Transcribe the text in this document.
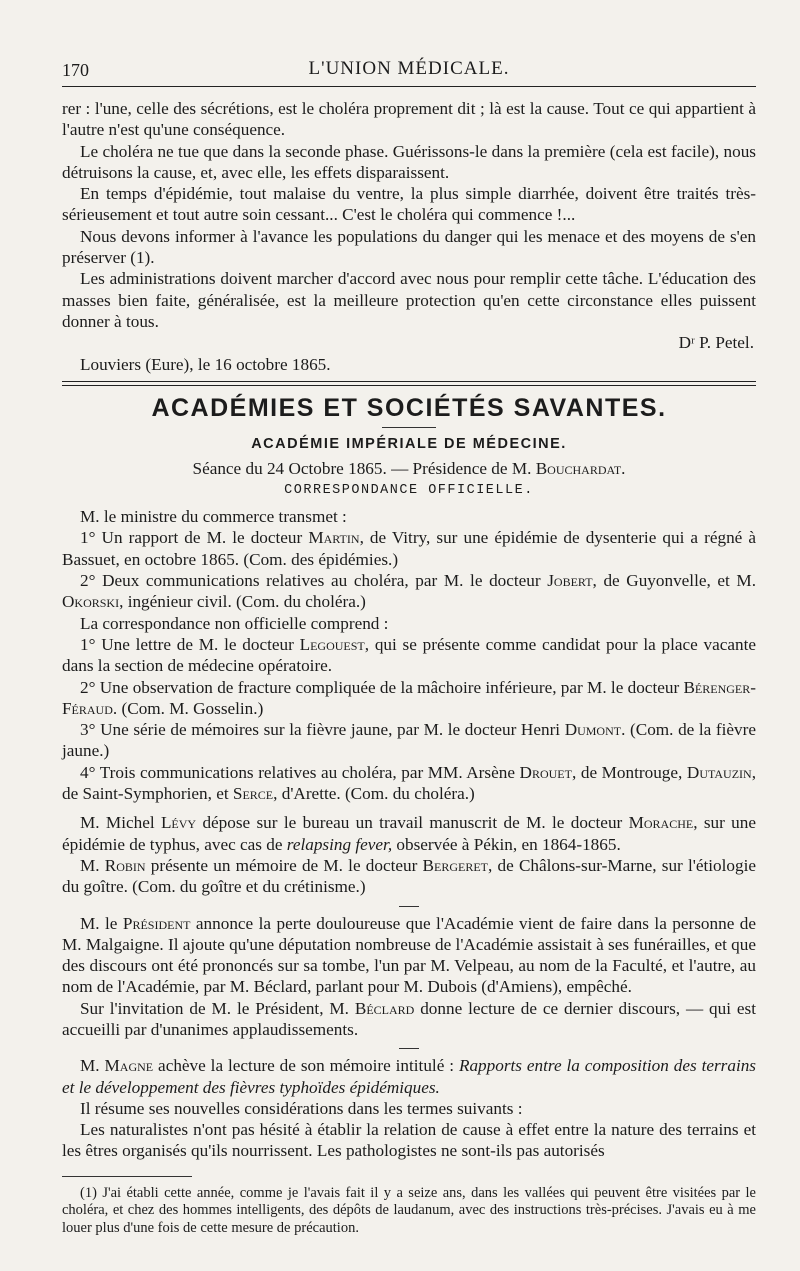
170	L'UNION MÉDICALE.

rer : l'une, celle des sécrétions, est le choléra proprement dit ; là est la cause. Tout ce qui appartient à l'autre n'est qu'une conséquence.

Le choléra ne tue que dans la seconde phase. Guérissons-le dans la première (cela est facile), nous détruisons la cause, et, avec elle, les effets disparaissent.

En temps d'épidémie, tout malaise du ventre, la plus simple diarrhée, doivent être traités très-sérieusement et tout autre soin cessant... C'est le choléra qui commence !...

Nous devons informer à l'avance les populations du danger qui les menace et des moyens de s'en préserver (1).

Les administrations doivent marcher d'accord avec nous pour remplir cette tâche. L'éducation des masses bien faite, généralisée, est la meilleure protection qu'en cette circonstance elles puissent donner à tous.

Dʳ P. Petel.

Louviers (Eure), le 16 octobre 1865.

ACADÉMIES ET SOCIÉTÉS SAVANTES.
ACADÉMIE IMPÉRIALE DE MÉDECINE.

Séance du 24 Octobre 1865. — Présidence de M. Bouchardat.

CORRESPONDANCE OFFICIELLE.

M. le ministre du commerce transmet :

1° Un rapport de M. le docteur Martin, de Vitry, sur une épidémie de dysenterie qui a régné à Bassuet, en octobre 1865. (Com. des épidémies.)

2° Deux communications relatives au choléra, par M. le docteur Jobert, de Guyonvelle, et M. Okorski, ingénieur civil. (Com. du choléra.)

La correspondance non officielle comprend :

1° Une lettre de M. le docteur Legouest, qui se présente comme candidat pour la place vacante dans la section de médecine opératoire.

2° Une observation de fracture compliquée de la mâchoire inférieure, par M. le docteur Bérenger-Féraud. (Com. M. Gosselin.)

3° Une série de mémoires sur la fièvre jaune, par M. le docteur Henri Dumont. (Com. de la fièvre jaune.)

4° Trois communications relatives au choléra, par MM. Arsène Drouet, de Montrouge, Dutauzin, de Saint-Symphorien, et Serce, d'Arette. (Com. du choléra.)

M. Michel Lévy dépose sur le bureau un travail manuscrit de M. le docteur Morache, sur une épidémie de typhus, avec cas de relapsing fever, observée à Pékin, en 1864-1865.

M. Robin présente un mémoire de M. le docteur Bergeret, de Châlons-sur-Marne, sur l'étiologie du goître. (Com. du goître et du crétinisme.)

M. le Président annonce la perte douloureuse que l'Académie vient de faire dans la personne de M. Malgaigne. Il ajoute qu'une députation nombreuse de l'Académie assistait à ses funérailles, et que des discours ont été prononcés sur sa tombe, l'un par M. Velpeau, au nom de la Faculté, et l'autre, au nom de l'Académie, par M. Béclard, parlant pour M. Dubois (d'Amiens), empêché.

Sur l'invitation de M. le Président, M. Béclard donne lecture de ce dernier discours, — qui est accueilli par d'unanimes applaudissements.

M. Magne achève la lecture de son mémoire intitulé : Rapports entre la composition des terrains et le développement des fièvres typhoïdes épidémiques.

Il résume ses nouvelles considérations dans les termes suivants :

Les naturalistes n'ont pas hésité à établir la relation de cause à effet entre la nature des terrains et les êtres organisés qu'ils nourrissent. Les pathologistes ne sont-ils pas autorisés

(1) J'ai établi cette année, comme je l'avais fait il y a seize ans, dans les vallées qui peuvent être visitées par le choléra, et chez des hommes intelligents, des dépôts de laudanum, avec des instructions très-précises. J'avais eu à me louer plus d'une fois de cette mesure de précaution.
